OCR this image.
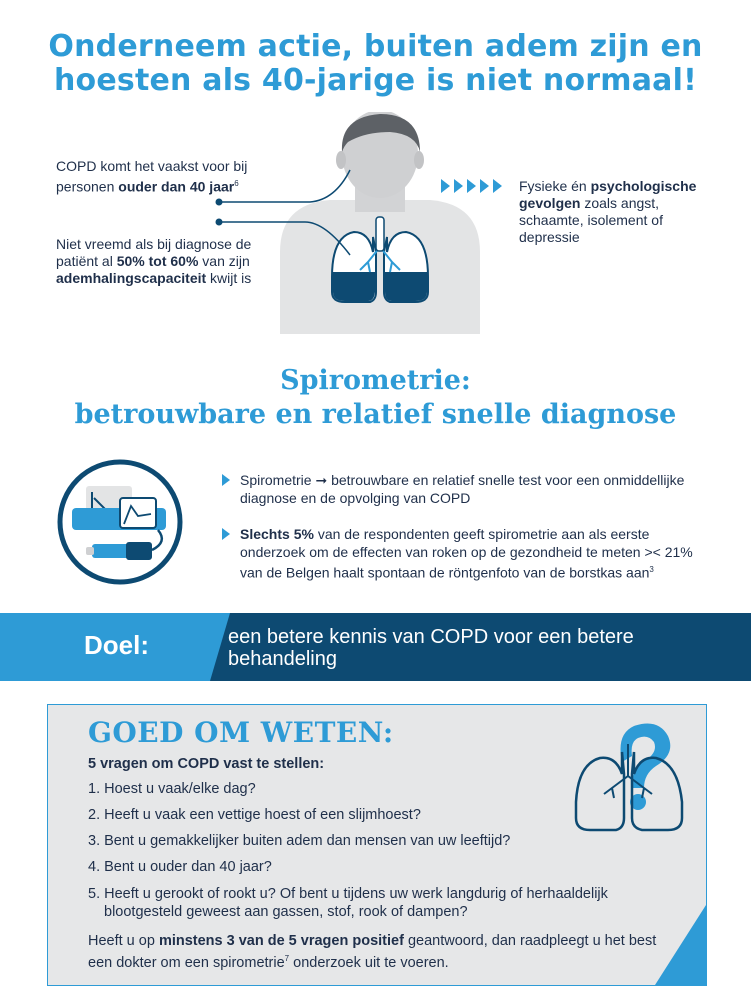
Onderneem actie, buiten adem zijn en
hoesten als 40-jarige is niet normaal!
COPD komt het vaakst voor bij personen ouder dan 40 jaar$^6$
Niet vreemd als bij diagnose de patiënt al 50% tot 60% van zijn ademhalingscapaciteit kwijt is
Fysieke én psychologische gevolgen zoals angst, schaamte, isolement of depressie
Spirometrie:
betrouwbare en relatief snelle diagnose
Spirometrie ➞ betrouwbare en relatief snelle test voor een onmiddellijke diagnose en de opvolging van COPD
Slechts 5% van de respondenten geeft spirometrie aan als eerste onderzoek om de effecten van roken op de gezondheid te meten >< 21% van de Belgen haalt spontaan de röntgenfoto van de borstkas aan$^3$
Doel:	een betere kennis van COPD voor een betere behandeling
GOED OM WETEN:
5 vragen om COPD vast te stellen:
1. Hoest u vaak/elke dag?
2. Heeft u vaak een vettige hoest of een slijmhoest?
3. Bent u gemakkelijker buiten adem dan mensen van uw leeftijd?
4. Bent u ouder dan 40 jaar?
5. Heeft u gerookt of rookt u? Of bent u tijdens uw werk langdurig of herhaaldelijk blootgesteld geweest aan gassen, stof, rook of dampen?
Heeft u op minstens 3 van de 5 vragen positief geantwoord, dan raadpleegt u het best een dokter om een spirometrie$^7$ onderzoek uit te voeren.
